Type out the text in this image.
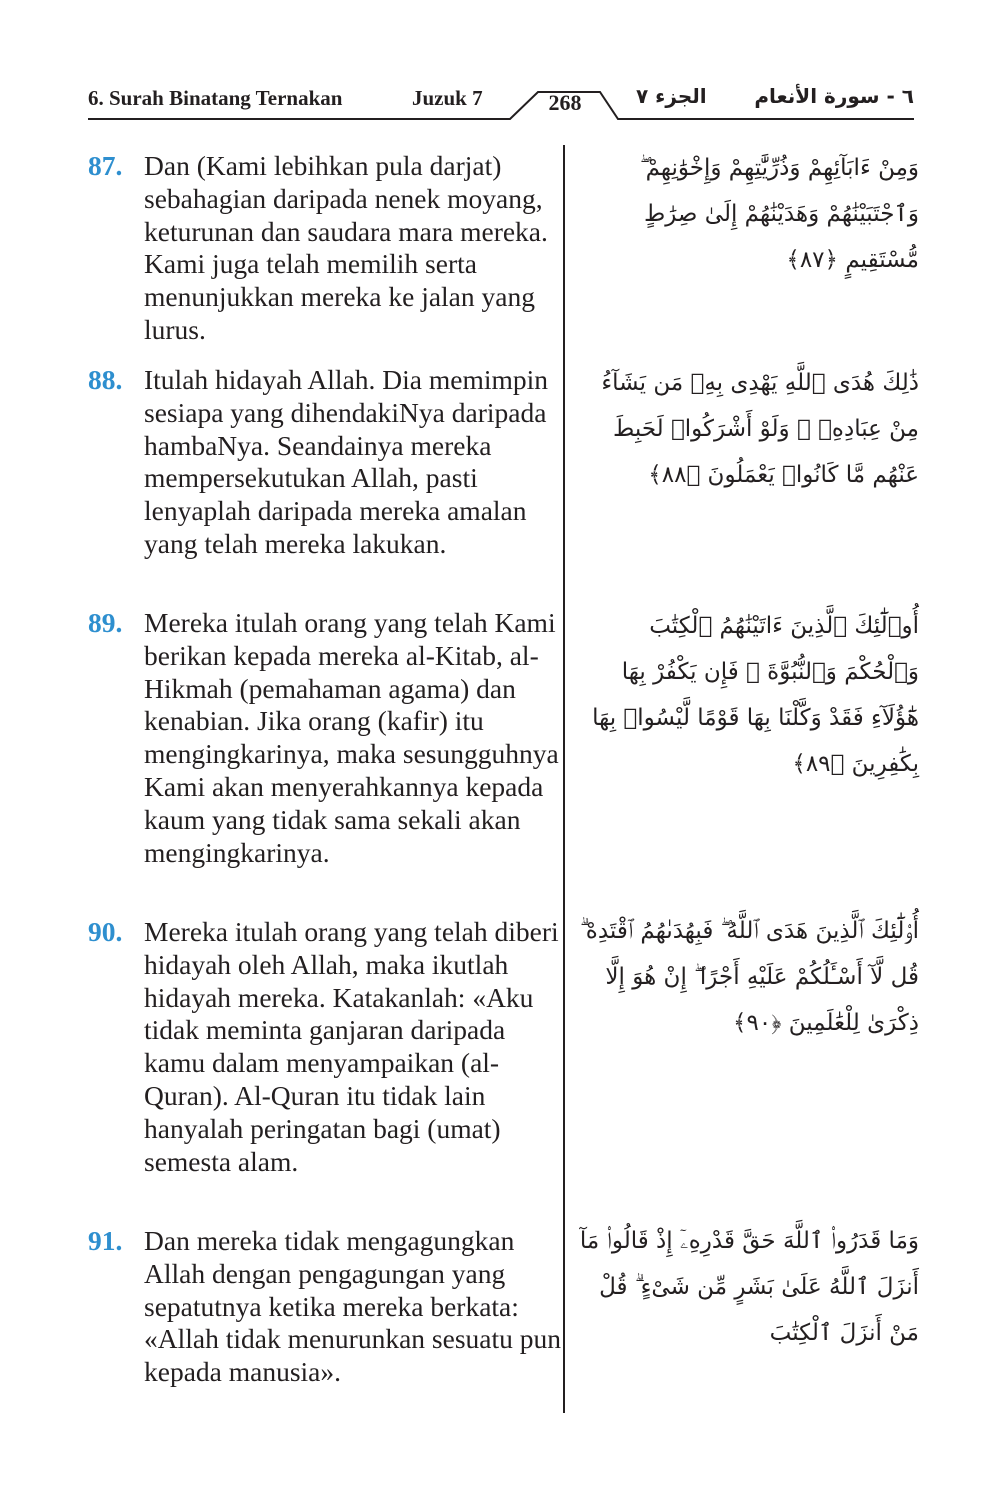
6. Surah Binatang Ternakan	Juzuk 7	268	الجزء ٧	٦ - سورة الأنعام
87. Dan (Kami lebihkan pula darjat) sebahagian daripada nenek moyang, keturunan dan saudara mara mereka. Kami juga telah memilih serta menunjukkan mereka ke jalan yang lurus.
وَمِنْ ءَابَآئِهِمْ وَذُرِّيَّٰتِهِمْ وَإِخْوَٰنِهِمْ ۖ وَٱجْتَبَيْنَٰهُمْ وَهَدَيْنَٰهُمْ إِلَىٰ صِرَٰطٍ مُّسْتَقِيمٍ ﴿٨٧﴾
88. Itulah hidayah Allah. Dia memimpin sesiapa yang dihendakiNya daripada hambaNya. Seandainya mereka mempersekutukan Allah, pasti lenyaplah daripada mereka amalan yang telah mereka lakukan.
ذَٰلِكَ هُدَى ٱللَّهِ يَهْدِى بِهِۦ مَن يَشَآءُ مِنْ عِبَادِهِۦ ۚ وَلَوْ أَشْرَكُوا۟ لَحَبِطَ عَنْهُم مَّا كَانُوا۟ يَعْمَلُونَ ﴿٨٨﴾
89. Mereka itulah orang yang telah Kami berikan kepada mereka al-Kitab, al-Hikmah (pemahaman agama) dan kenabian. Jika orang (kafir) itu mengingkarinya, maka sesungguhnya Kami akan menyerahkannya kepada kaum yang tidak sama sekali akan mengingkarinya.
أُو۟لَٰٓئِكَ ٱلَّذِينَ ءَاتَيْنَٰهُمُ ٱلْكِتَٰبَ وَٱلْحُكْمَ وَٱلنُّبُوَّةَ ۚ فَإِن يَكْفُرْ بِهَا هَٰٓؤُلَآءِ فَقَدْ وَكَّلْنَا بِهَا قَوْمًا لَّيْسُوا۟ بِهَا بِكَٰفِرِينَ ﴿٨٩﴾
90. Mereka itulah orang yang telah diberi hidayah oleh Allah, maka ikutlah hidayah mereka. Katakanlah: «Aku tidak meminta ganjaran daripada kamu dalam menyampaikan (al-Quran). Al-Quran itu tidak lain hanyalah peringatan bagi (umat) semesta alam.
أُو۟لَٰٓئِكَ ٱلَّذِينَ هَدَى ٱللَّهُ ۖ فَبِهُدَىٰهُمُ ٱقْتَدِهْ ۗ قُل لَّآ أَسْـَٔلُكُمْ عَلَيْهِ أَجْرًا ۖ إِنْ هُوَ إِلَّا ذِكْرَىٰ لِلْعَٰلَمِينَ ﴿٩٠﴾
91. Dan mereka tidak mengagungkan Allah dengan pengagungan yang sepatutnya ketika mereka berkata: «Allah tidak menurunkan sesuatu pun kepada manusia».
وَمَا قَدَرُوا۟ ٱللَّهَ حَقَّ قَدْرِهِۦٓ إِذْ قَالُوا۟ مَآ أَنزَلَ ٱللَّهُ عَلَىٰ بَشَرٍ مِّن شَىْءٍ ۗ قُلْ مَنْ أَنزَلَ ٱلْكِتَٰبَ
